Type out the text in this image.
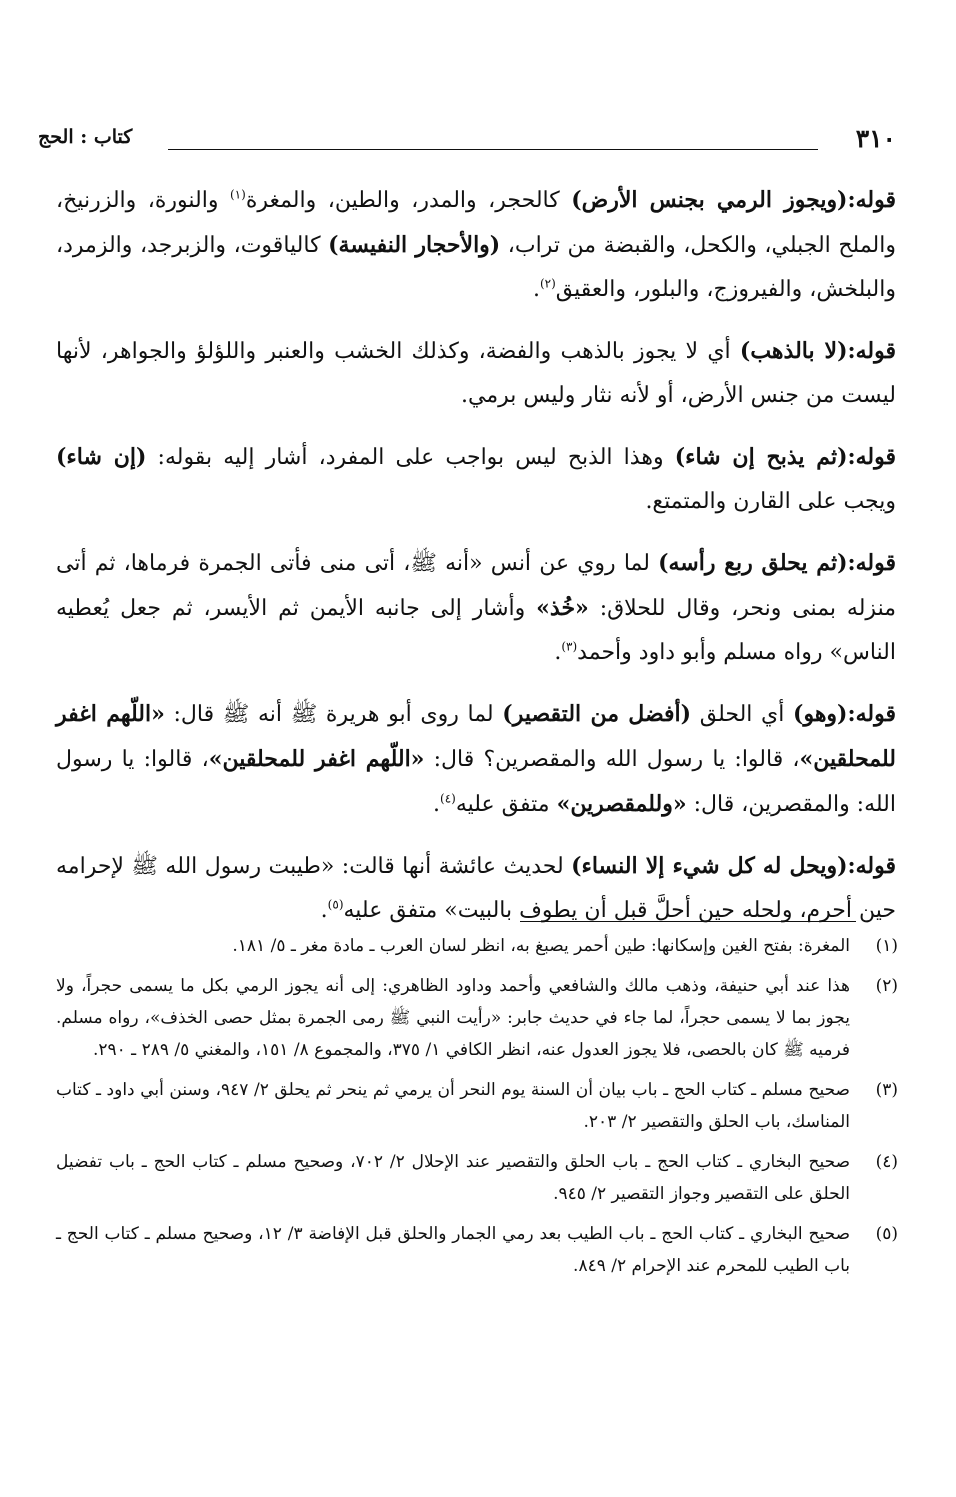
٣١٠
كتاب : الحج

قوله:(ويجوز الرمي بجنس الأرض) كالحجر، والمدر، والطين، والمغرة$^{(١)}$ والنورة، والزرنيخ، والملح الجبلي، والكحل، والقبضة من تراب، (والأحجار النفيسة) كالياقوت، والزبرجد، والزمرد، والبلخش، والفيروزج، والبلور، والعقيق$^{(٢)}$.

قوله:(لا بالذهب) أي لا يجوز بالذهب والفضة، وكذلك الخشب والعنبر واللؤلؤ والجواهر، لأنها ليست من جنس الأرض، أو لأنه نثار وليس برمي.

قوله:(ثم يذبح إن شاء) وهذا الذبح ليس بواجب على المفرد، أشار إليه بقوله: (إن شاء) ويجب على القارن والمتمتع.

قوله:(ثم يحلق ربع رأسه) لما روي عن أنس «أنه ﷺ، أتى منى فأتى الجمرة فرماها، ثم أتى منزله بمنى ونحر، وقال للحلاق: «خُذ» وأشار إلى جانبه الأيمن ثم الأيسر، ثم جعل يُعطيه الناس» رواه مسلم وأبو داود وأحمد$^{(٣)}$.

قوله:(وهو) أي الحلق (أفضل من التقصير) لما روى أبو هريرة ﷺ أنه ﷺ قال: «اللّهم اغفر للمحلقين»، قالوا: يا رسول الله والمقصرين؟ قال: «اللّهم اغفر للمحلقين»، قالوا: يا رسول الله: والمقصرين، قال: «وللمقصرين» متفق عليه$^{(٤)}$.

قوله:(ويحل له كل شيء إلا النساء) لحديث عائشة أنها قالت: «طيبت رسول الله ﷺ لإحرامه حين أحرم، ولحله حين أحلَّ قبل أن يطوف بالبيت» متفق عليه$^{(٥)}$.

(١)
المغرة: بفتح الغين وإسكانها: طين أحمر يصبغ به، انظر لسان العرب ـ مادة مغر ـ ٥/ ١٨١.
(٢)
هذا عند أبي حنيفة، وذهب مالك والشافعي وأحمد وداود الظاهري: إلى أنه يجوز الرمي بكل ما يسمى حجراً، ولا يجوز بما لا يسمى حجراً، لما جاء في حديث جابر: «رأيت النبي ﷺ رمى الجمرة بمثل حصى الخذف»، رواه مسلم. فرميه ﷺ كان بالحصى، فلا يجوز العدول عنه، انظر الكافي ١/ ٣٧٥، والمجموع ٨/ ١٥١، والمغني ٥/ ٢٨٩ ـ ٢٩٠.
(٣)
صحيح مسلم ـ كتاب الحج ـ باب بيان أن السنة يوم النحر أن يرمي ثم ينحر ثم يحلق ٢/ ٩٤٧، وسنن أبي داود ـ كتاب المناسك، باب الحلق والتقصير ٢/ ٢٠٣.
(٤)
صحيح البخاري ـ كتاب الحج ـ باب الحلق والتقصير عند الإحلال ٢/ ٧٠٢، وصحيح مسلم ـ كتاب الحج ـ باب تفضيل الحلق على التقصير وجواز التقصير ٢/ ٩٤٥.
(٥)
صحيح البخاري ـ كتاب الحج ـ باب الطيب بعد رمي الجمار والحلق قبل الإفاضة ٣/ ١٢، وصحيح مسلم ـ كتاب الحج ـ باب الطيب للمحرم عند الإحرام ٢/ ٨٤٩.
